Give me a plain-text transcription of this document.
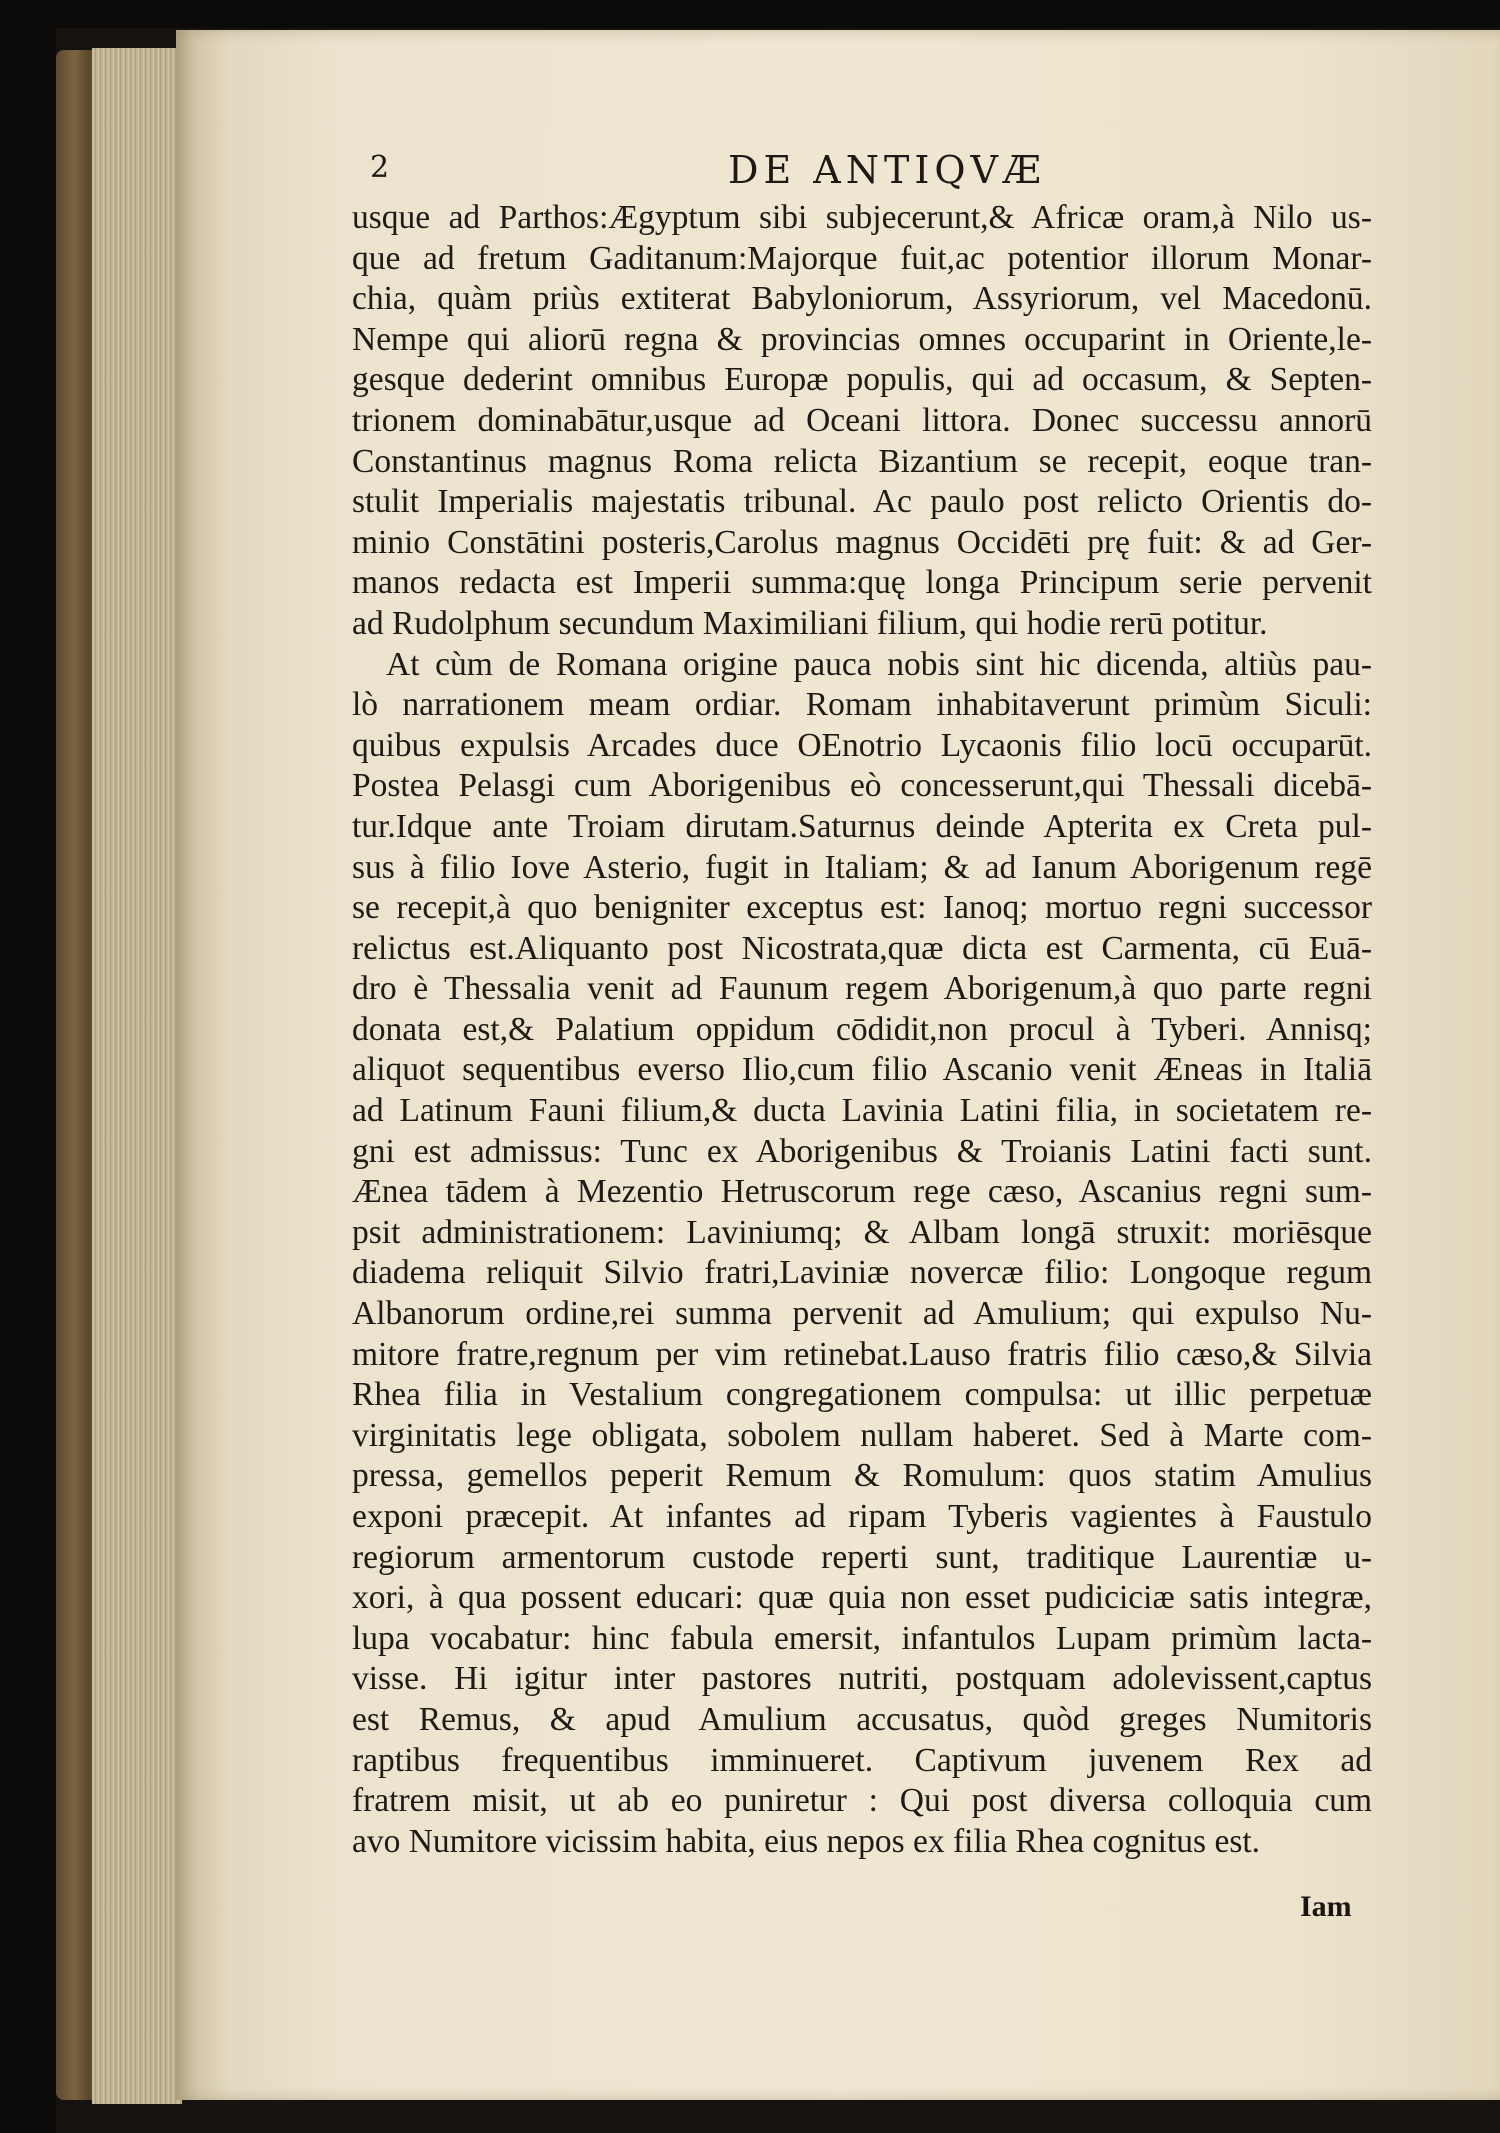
2	DE ANTIQVÆ
usque ad Parthos:Ægyptum sibi subjecerunt,& Africæ oram,à Nilo us-
que ad fretum Gaditanum:Majorque fuit,ac potentior illorum Monar-
chia, quàm priùs extiterat Babyloniorum, Assyriorum, vel Macedonū.
Nempe qui aliorū regna & provincias omnes occuparint in Oriente,le-
gesque dederint omnibus Europæ populis, qui ad occasum, & Septen-
trionem dominabātur,usque ad Oceani littora. Donec successu annorū
Constantinus magnus Roma relicta Bizantium se recepit, eoque tran-
stulit Imperialis majestatis tribunal. Ac paulo post relicto Orientis do-
minio Constātini posteris,Carolus magnus Occidēti prę fuit: & ad Ger-
manos redacta est Imperii summa:quę longa Principum serie pervenit
ad Rudolphum secundum Maximiliani filium, qui hodie rerū potitur.
At cùm de Romana origine pauca nobis sint hic dicenda, altiùs pau-
lò narrationem meam ordiar. Romam inhabitaverunt primùm Siculi:
quibus expulsis Arcades duce OEnotrio Lycaonis filio locū occuparūt.
Postea Pelasgi cum Aborigenibus eò concesserunt,qui Thessali dicebā-
tur.Idque ante Troiam dirutam.Saturnus deinde Apterita ex Creta pul-
sus à filio Iove Asterio, fugit in Italiam; & ad Ianum Aborigenum regē
se recepit,à quo benigniter exceptus est: Ianoq; mortuo regni successor
relictus est.Aliquanto post Nicostrata,quæ dicta est Carmenta, cū Euā-
dro è Thessalia venit ad Faunum regem Aborigenum,à quo parte regni
donata est,& Palatium oppidum cōdidit,non procul à Tyberi. Annisq;
aliquot sequentibus everso Ilio,cum filio Ascanio venit Æneas in Italiā
ad Latinum Fauni filium,& ducta Lavinia Latini filia, in societatem re-
gni est admissus: Tunc ex Aborigenibus & Troianis Latini facti sunt.
Ænea tādem à Mezentio Hetruscorum rege cæso, Ascanius regni sum-
psit administrationem: Laviniumq; & Albam longā struxit: moriēsque
diadema reliquit Silvio fratri,Laviniæ novercæ filio: Longoque regum
Albanorum ordine,rei summa pervenit ad Amulium; qui expulso Nu-
mitore fratre,regnum per vim retinebat.Lauso fratris filio cæso,& Silvia
Rhea filia in Vestalium congregationem compulsa: ut illic perpetuæ
virginitatis lege obligata, sobolem nullam haberet. Sed à Marte com-
pressa, gemellos peperit Remum & Romulum: quos statim Amulius
exponi præcepit. At infantes ad ripam Tyberis vagientes à Faustulo
regiorum armentorum custode reperti sunt, traditique Laurentiæ u-
xori, à qua possent educari: quæ quia non esset pudiciciæ satis integræ,
lupa vocabatur: hinc fabula emersit, infantulos Lupam primùm lacta-
visse. Hi igitur inter pastores nutriti, postquam adolevissent,captus
est Remus, & apud Amulium accusatus, quòd greges Numitoris
raptibus frequentibus imminueret. Captivum juvenem Rex ad
fratrem misit, ut ab eo puniretur : Qui post diversa colloquia cum
avo Numitore vicissim habita, eius nepos ex filia Rhea cognitus est.
Iam
